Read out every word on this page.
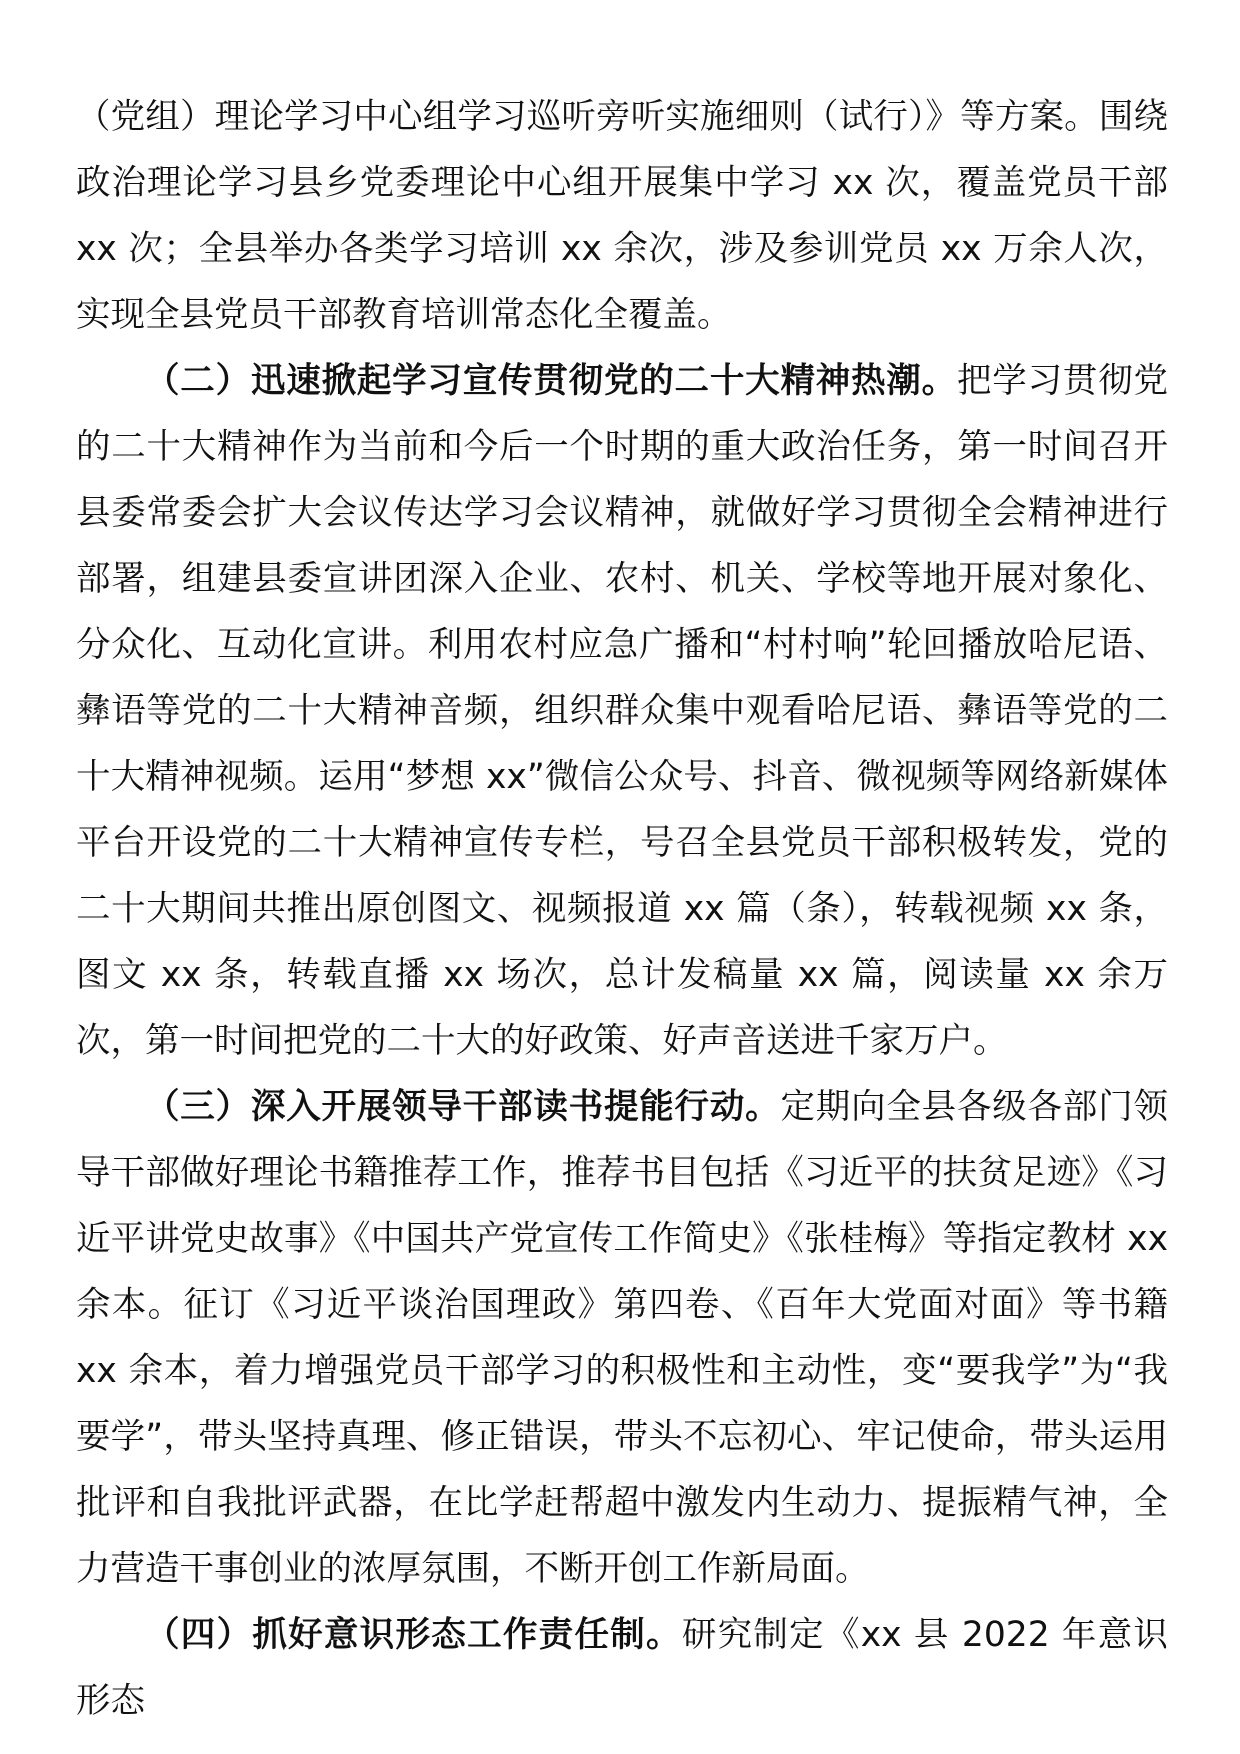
（党组）理论学习中心组学习巡听旁听实施细则（试行）》等方案。围绕政治理论学习县乡党委理论中心组开展集中学习 xx 次，覆盖党员干部 xx 次；全县举办各类学习培训 xx 余次，涉及参训党员 xx 万余人次，实现全县党员干部教育培训常态化全覆盖。

（二）迅速掀起学习宣传贯彻党的二十大精神热潮。把学习贯彻党的二十大精神作为当前和今后一个时期的重大政治任务，第一时间召开县委常委会扩大会议传达学习会议精神，就做好学习贯彻全会精神进行部署，组建县委宣讲团深入企业、农村、机关、学校等地开展对象化、分众化、互动化宣讲。利用农村应急广播和“村村响”轮回播放哈尼语、彝语等党的二十大精神音频，组织群众集中观看哈尼语、彝语等党的二十大精神视频。运用“梦想 xx”微信公众号、抖音、微视频等网络新媒体平台开设党的二十大精神宣传专栏，号召全县党员干部积极转发，党的二十大期间共推出原创图文、视频报道 xx 篇（条），转载视频 xx 条，图文 xx 条，转载直播 xx 场次，总计发稿量 xx 篇，阅读量 xx 余万次，第一时间把党的二十大的好政策、好声音送进千家万户。

（三）深入开展领导干部读书提能行动。定期向全县各级各部门领导干部做好理论书籍推荐工作，推荐书目包括《习近平的扶贫足迹》《习近平讲党史故事》《中国共产党宣传工作简史》《张桂梅》等指定教材 xx 余本。征订《习近平谈治国理政》第四卷、《百年大党面对面》等书籍 xx 余本，着力增强党员干部学习的积极性和主动性，变“要我学”为“我要学”，带头坚持真理、修正错误，带头不忘初心、牢记使命，带头运用批评和自我批评武器，在比学赶帮超中激发内生动力、提振精气神，全力营造干事创业的浓厚氛围，不断开创工作新局面。

（四）抓好意识形态工作责任制。研究制定《xx 县 2022 年意识形态
